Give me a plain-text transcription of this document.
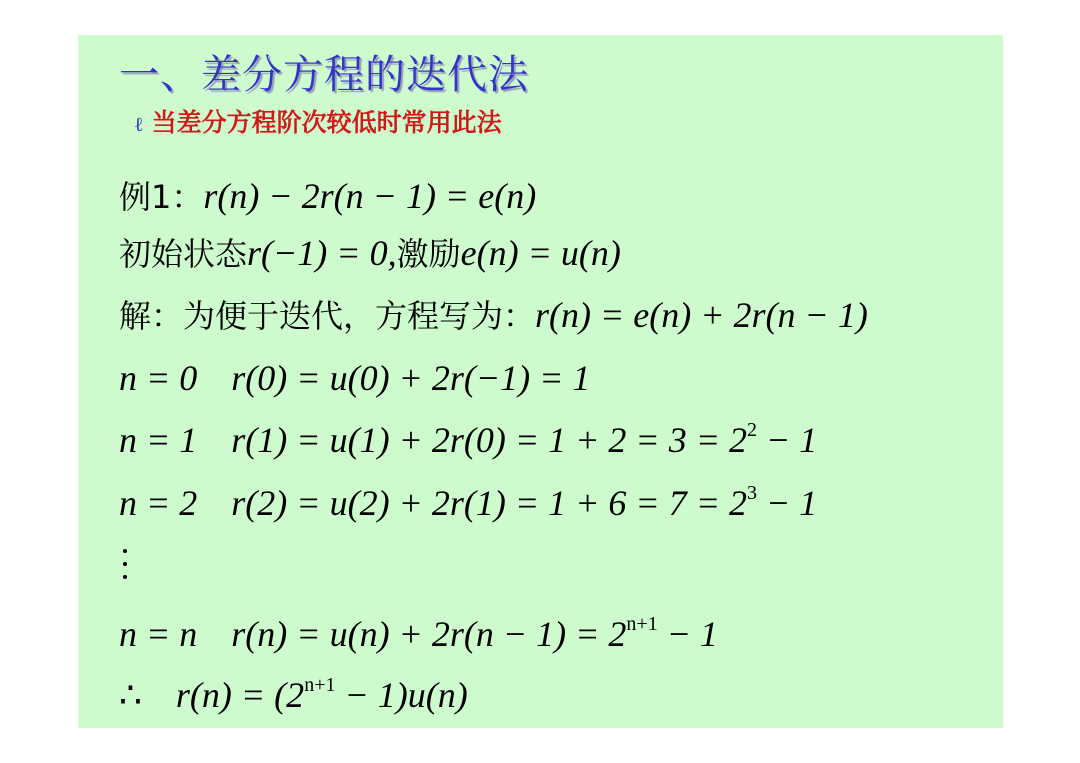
一、差分方程的迭代法
ℓ 当差分方程阶次较低时常用此法
例1：r(n) − 2r(n − 1) = e(n)
初始状态r(−1) = 0,激励e(n) = u(n)
解：为便于迭代，方程写为：r(n) = e(n) + 2r(n − 1)
n = 0 r(0) = u(0) + 2r(−1) = 1
n = 1 $r(1) = u(1) + 2r(0) = 1 + 2 = 3 = 2^2 - 1$
n = 2 $r(2) = u(2) + 2r(1) = 1 + 6 = 7 = 2^3 - 1$
n = n $r(n) = u(n) + 2r(n - 1) = 2^{n+1} - 1$
∴ $r(n) = (2^{n+1} - 1)u(n)$
